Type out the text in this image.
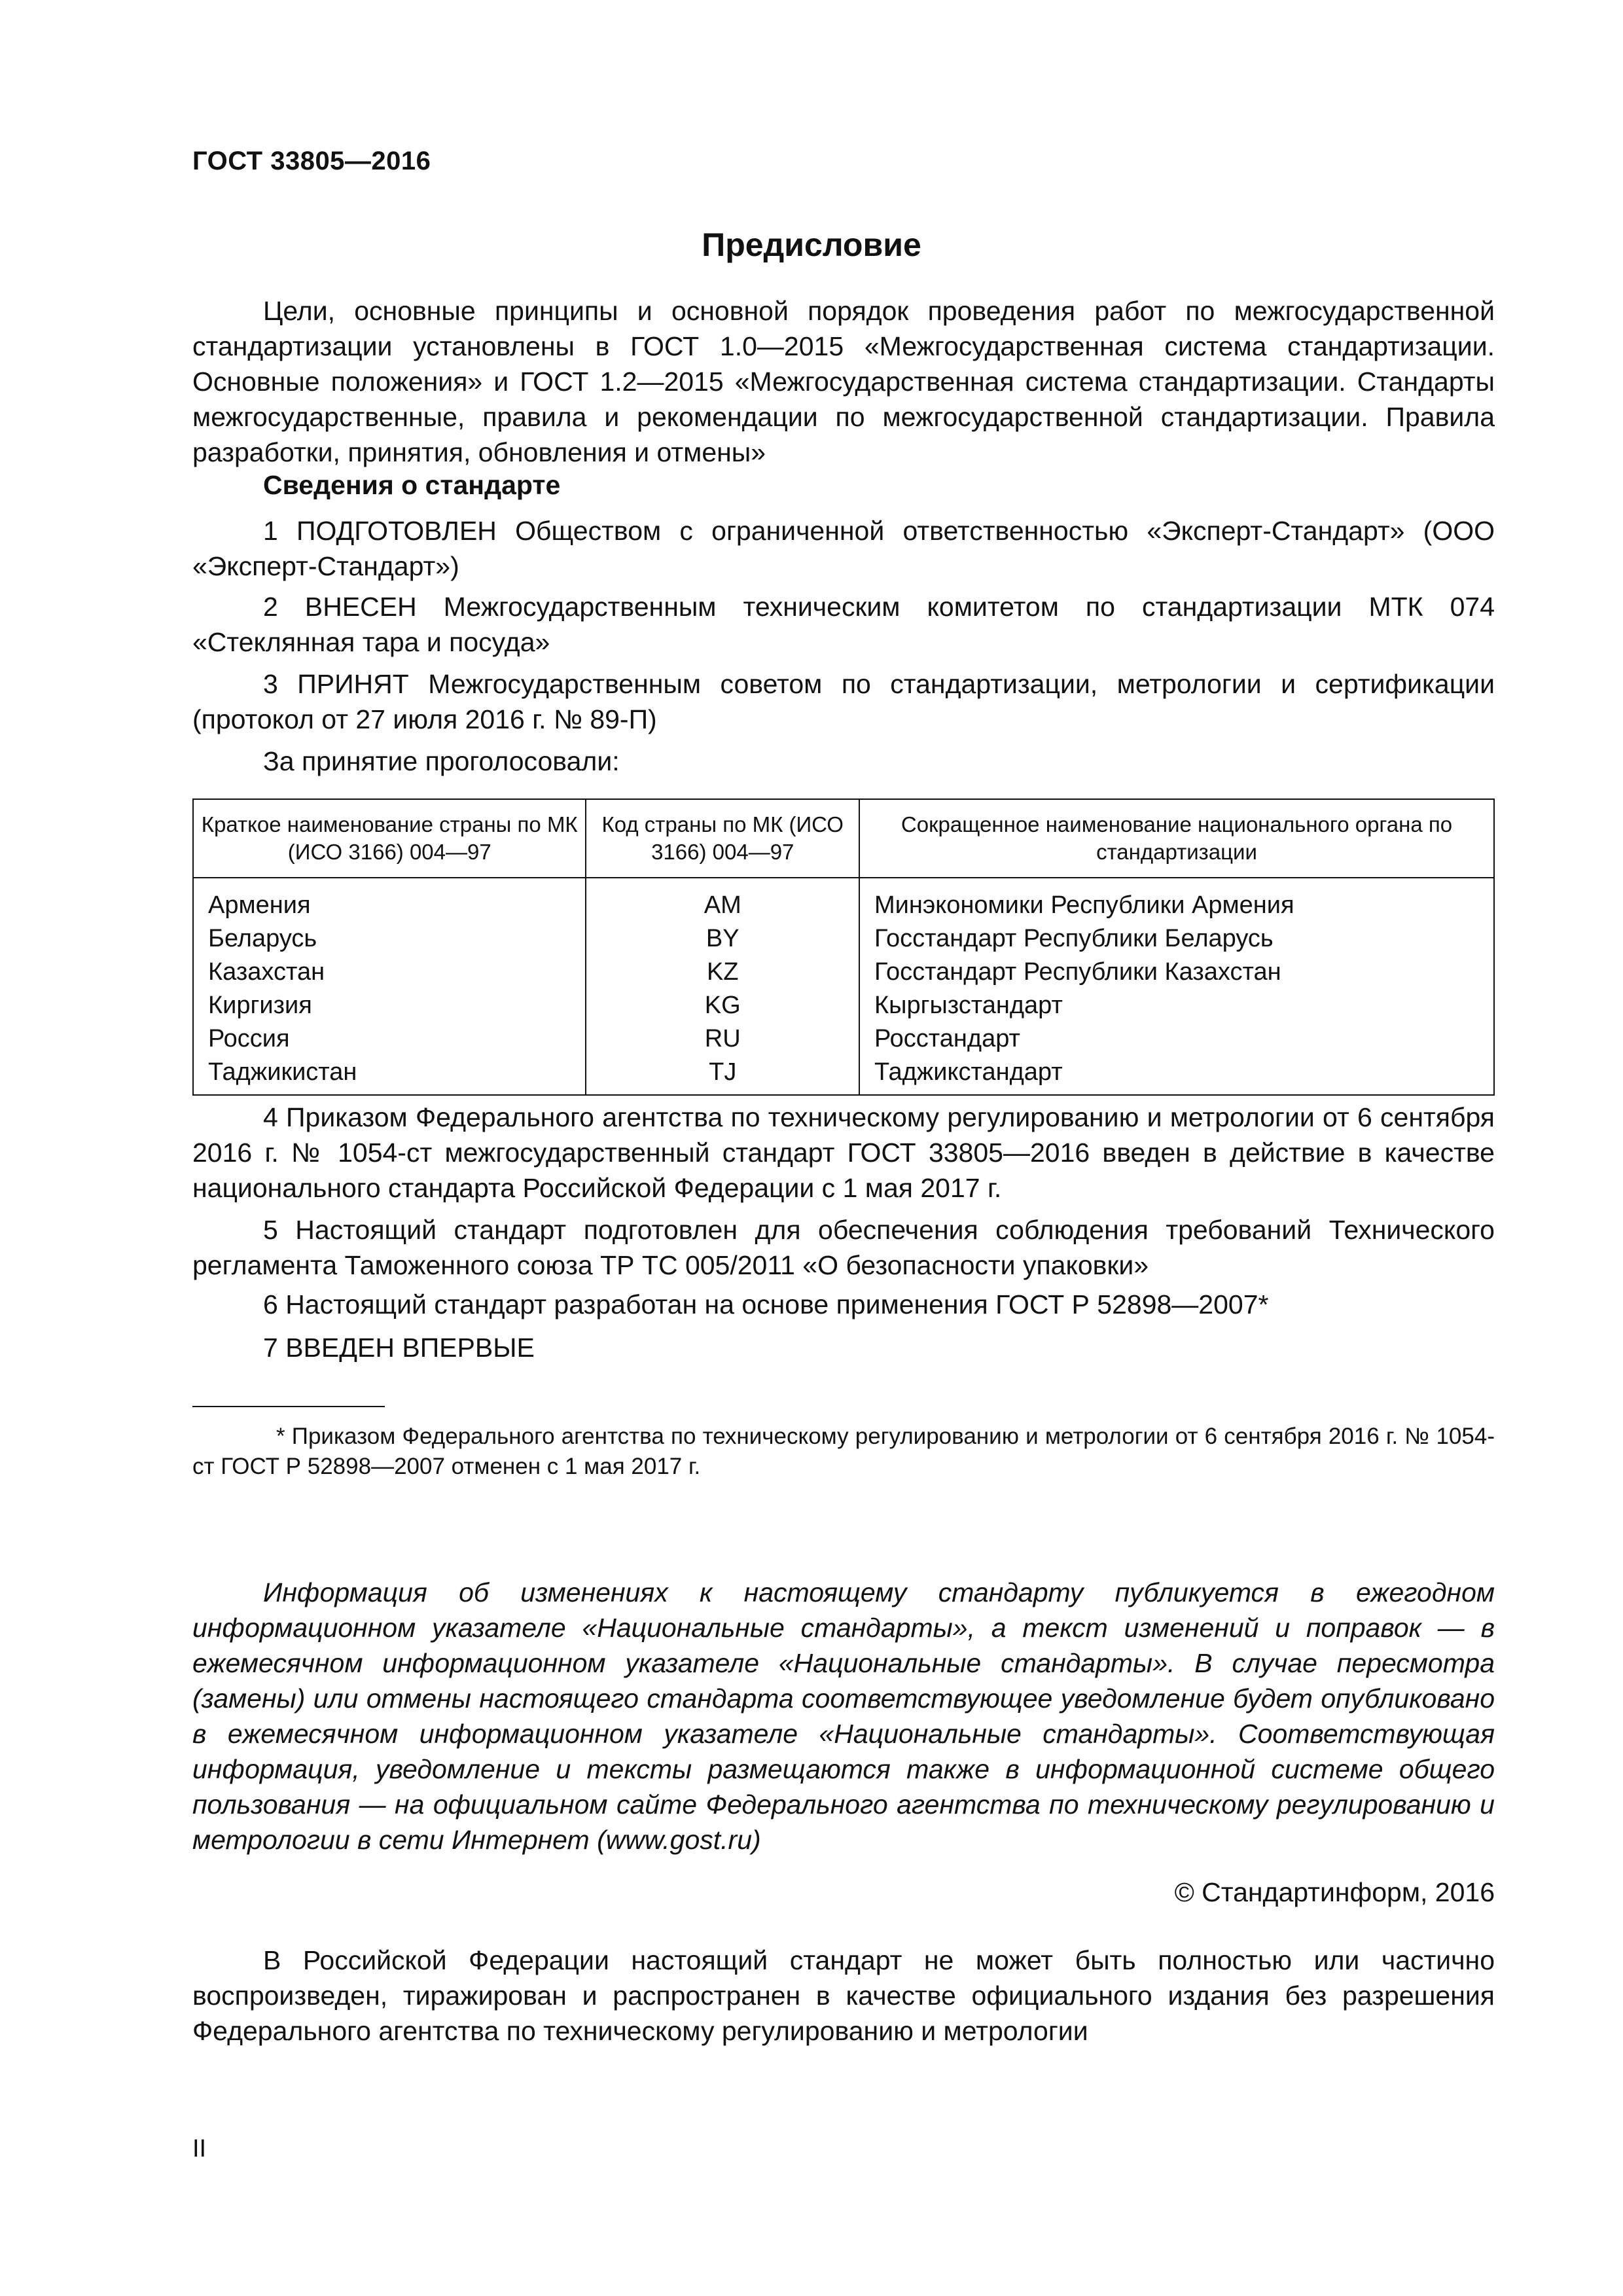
ГОСТ 33805—2016
Предисловие
Цели, основные принципы и основной порядок проведения работ по межгосударственной стандартизации установлены в ГОСТ 1.0—2015 «Межгосударственная система стандартизации. Основные положения» и ГОСТ 1.2—2015 «Межгосударственная система стандартизации. Стандарты межгосударственные, правила и рекомендации по межгосударственной стандартизации. Правила разработки, принятия, обновления и отмены»
Сведения о стандарте
1 ПОДГОТОВЛЕН Обществом с ограниченной ответственностью «Эксперт-Стандарт» (ООО «Эксперт-Стандарт»)
2 ВНЕСЕН Межгосударственным техническим комитетом по стандартизации МТК 074 «Стеклянная тара и посуда»
3 ПРИНЯТ Межгосударственным советом по стандартизации, метрологии и сертификации (протокол от 27 июля 2016 г. № 89-П)
За принятие проголосовали:
Краткое наименование страны по МК (ИСО 3166) 004—97	Код страны по МК (ИСО 3166) 004—97	Сокращенное наименование национального органа по стандартизации
Армения	AM	Минэкономики Республики Армения
Беларусь	BY	Госстандарт Республики Беларусь
Казахстан	KZ	Госстандарт Республики Казахстан
Киргизия	KG	Кыргызстандарт
Россия	RU	Росстандарт
Таджикистан	TJ	Таджикстандарт
4 Приказом Федерального агентства по техническому регулированию и метрологии от 6 сентября 2016 г. № 1054-ст межгосударственный стандарт ГОСТ 33805—2016 введен в действие в качестве национального стандарта Российской Федерации с 1 мая 2017 г.
5 Настоящий стандарт подготовлен для обеспечения соблюдения требований Технического регламента Таможенного союза ТР ТС 005/2011 «О безопасности упаковки»
6 Настоящий стандарт разработан на основе применения ГОСТ Р 52898—2007*
7 ВВЕДЕН ВПЕРВЫЕ
* Приказом Федерального агентства по техническому регулированию и метрологии от 6 сентября 2016 г. № 1054-ст ГОСТ Р 52898—2007 отменен с 1 мая 2017 г.
Информация об изменениях к настоящему стандарту публикуется в ежегодном информационном указателе «Национальные стандарты», а текст изменений и поправок — в ежемесячном информационном указателе «Национальные стандарты». В случае пересмотра (замены) или отмены настоящего стандарта соответствующее уведомление будет опубликовано в ежемесячном информационном указателе «Национальные стандарты». Соответствующая информация, уведомление и тексты размещаются также в информационной системе общего пользования — на официальном сайте Федерального агентства по техническому регулированию и метрологии в сети Интернет (www.gost.ru)
© Стандартинформ, 2016
В Российской Федерации настоящий стандарт не может быть полностью или частично воспроизведен, тиражирован и распространен в качестве официального издания без разрешения Федерального агентства по техническому регулированию и метрологии
II
